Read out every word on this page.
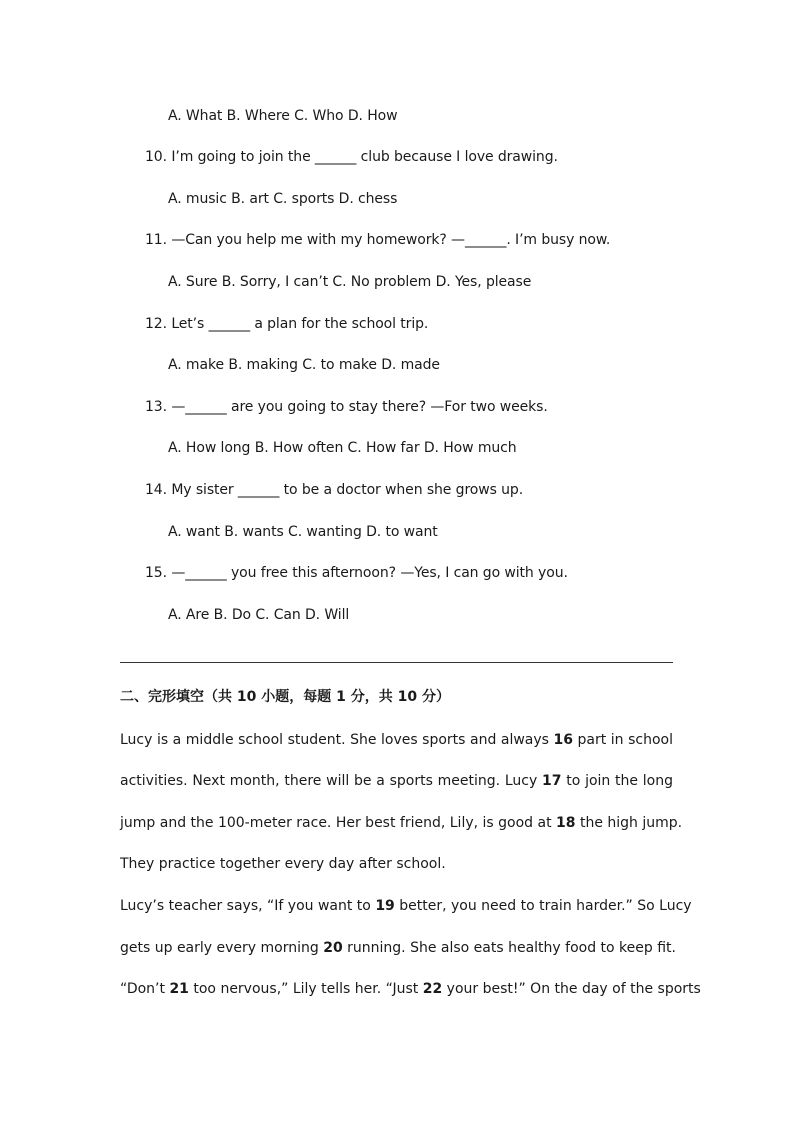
A. What B. Where C. Who D. How
10. I’m going to join the ______ club because I love drawing.
A. music B. art C. sports D. chess
11. —Can you help me with my homework? —______. I’m busy now.
A. Sure B. Sorry, I can’t C. No problem D. Yes, please
12. Let’s ______ a plan for the school trip.
A. make B. making C. to make D. made
13. —______ are you going to stay there? —For two weeks.
A. How long B. How often C. How far D. How much
14. My sister ______ to be a doctor when she grows up.
A. want B. wants C. wanting D. to want
15. —______ you free this afternoon? —Yes, I can go with you.
A. Are B. Do C. Can D. Will
二、完形填空（共 10 小题，每题 1 分，共 10 分）
Lucy is a middle school student. She loves sports and always 16 part in school
activities. Next month, there will be a sports meeting. Lucy 17 to join the long
jump and the 100-meter race. Her best friend, Lily, is good at 18 the high jump.
They practice together every day after school.
Lucy’s teacher says, “If you want to 19 better, you need to train harder.” So Lucy
gets up early every morning 20 running. She also eats healthy food to keep fit.
“Don’t 21 too nervous,” Lily tells her. “Just 22 your best!” On the day of the sports
